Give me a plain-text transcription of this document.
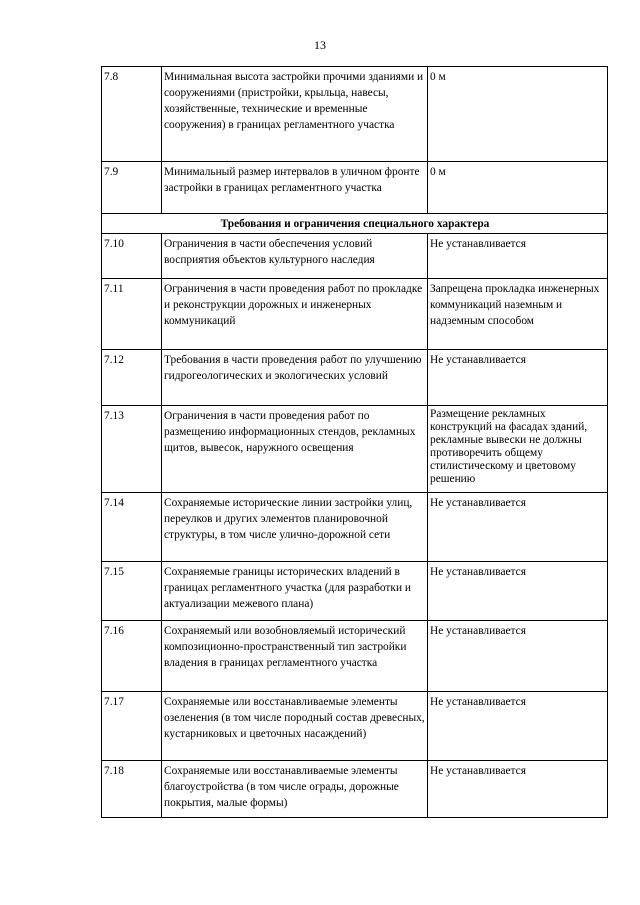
13
7.8	Минимальная высота застройки прочими зданиями и сооружениями (пристройки, крыльца, навесы, хозяйственные, технические и временные сооружения) в границах регламентного участка	0 м
7.9	Минимальный размер интервалов в уличном фронте застройки в границах регламентного участка	0 м
Требования и ограничения специального характера		
7.10	Ограничения в части обеспечения условий восприятия объектов культурного наследия	Не устанавливается
7.11	Ограничения в части проведения работ по прокладке и реконструкции дорожных и инженерных коммуникаций	Запрещена прокладка инженерных коммуникаций наземным и надземным способом
7.12	Требования в части проведения работ по улучшению гидрогеологических и экологических условий	Не устанавливается
7.13	Ограничения в части проведения работ по размещению информационных стендов, рекламных щитов, вывесок, наружного освещения	Размещение рекламных конструкций на фасадах зданий, рекламные вывески не должны противоречить общему стилистическому и цветовому решению
7.14	Сохраняемые исторические линии застройки улиц, переулков и других элементов планировочной структуры, в том числе улично-дорожной сети	Не устанавливается
7.15	Сохраняемые границы исторических владений в границах регламентного участка (для разработки и актуализации межевого плана)	Не устанавливается
7.16	Сохраняемый или возобновляемый исторический композиционно-пространственный тип застройки владения в границах регламентного участка	Не устанавливается
7.17	Сохраняемые или восстанавливаемые элементы озеленения (в том числе породный состав древесных, кустарниковых и цветочных насаждений)	Не устанавливается
7.18	Сохраняемые или восстанавливаемые элементы благоустройства (в том числе ограды, дорожные покрытия, малые формы)	Не устанавливается
